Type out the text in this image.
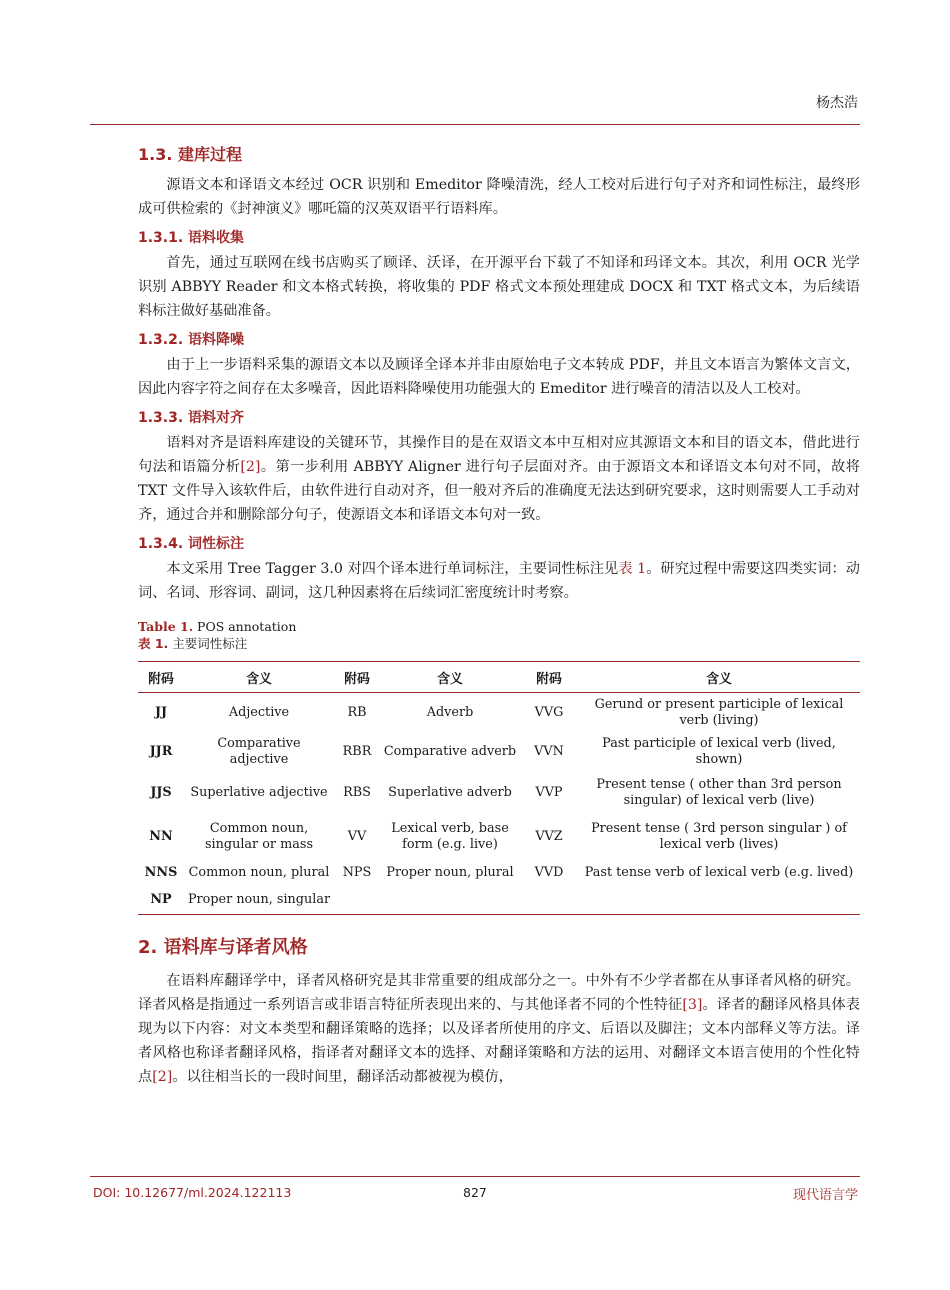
杨杰浩
1.3. 建库过程

源语文本和译语文本经过 OCR 识别和 Emeditor 降噪清洗，经人工校对后进行句子对齐和词性标注，最终形成可供检索的《封神演义》哪吒篇的汉英双语平行语料库。

1.3.1. 语料收集

首先，通过互联网在线书店购买了顾译、沃译，在开源平台下载了不知译和玛译文本。其次，利用 OCR 光学识别 ABBYY Reader 和文本格式转换，将收集的 PDF 格式文本预处理建成 DOCX 和 TXT 格式文本，为后续语料标注做好基础准备。

1.3.2. 语料降噪

由于上一步语料采集的源语文本以及顾译全译本并非由原始电子文本转成 PDF，并且文本语言为繁体文言文，因此内容字符之间存在太多噪音，因此语料降噪使用功能强大的 Emeditor 进行噪音的清洁以及人工校对。

1.3.3. 语料对齐

语料对齐是语料库建设的关键环节，其操作目的是在双语文本中互相对应其源语文本和目的语文本，借此进行句法和语篇分析[2]。第一步利用 ABBYY Aligner 进行句子层面对齐。由于源语文本和译语文本句对不同，故将 TXT 文件导入该软件后，由软件进行自动对齐，但一般对齐后的准确度无法达到研究要求，这时则需要人工手动对齐，通过合并和删除部分句子，使源语文本和译语文本句对一致。

1.3.4. 词性标注

本文采用 Tree Tagger 3.0 对四个译本进行单词标注，主要词性标注见表 1。研究过程中需要这四类实词：动词、名词、形容词、副词，这几种因素将在后续词汇密度统计时考察。

Table 1. POS annotation
表 1. 主要词性标注
附码	含义	附码	含义	附码	含义
JJ	Adjective	RB	Adverb	VVG	Gerund or present participle of lexical verb (living)
JJR	Comparative adjective	RBR	Comparative adverb	VVN	Past participle of lexical verb (lived, shown)
JJS	Superlative adjective	RBS	Superlative adverb	VVP	Present tense ( other than 3rd person singular) of lexical verb (live)
NN	Common noun, singular or mass	VV	Lexical verb, base form (e.g. live)	VVZ	Present tense ( 3rd person singular ) of lexical verb (lives)
NNS	Common noun, plural	NPS	Proper noun, plural	VVD	Past tense verb of lexical verb (e.g. lived)
NP	Proper noun, singular				
2. 语料库与译者风格

在语料库翻译学中，译者风格研究是其非常重要的组成部分之一。中外有不少学者都在从事译者风格的研究。译者风格是指通过一系列语言或非语言特征所表现出来的、与其他译者不同的个性特征[3]。译者的翻译风格具体表现为以下内容：对文本类型和翻译策略的选择；以及译者所使用的序文、后语以及脚注；文本内部释义等方法。译者风格也称译者翻译风格，指译者对翻译文本的选择、对翻译策略和方法的运用、对翻译文本语言使用的个性化特点[2]。以往相当长的一段时间里，翻译活动都被视为模仿，

DOI: 10.12677/ml.2024.122113	827	现代语言学
